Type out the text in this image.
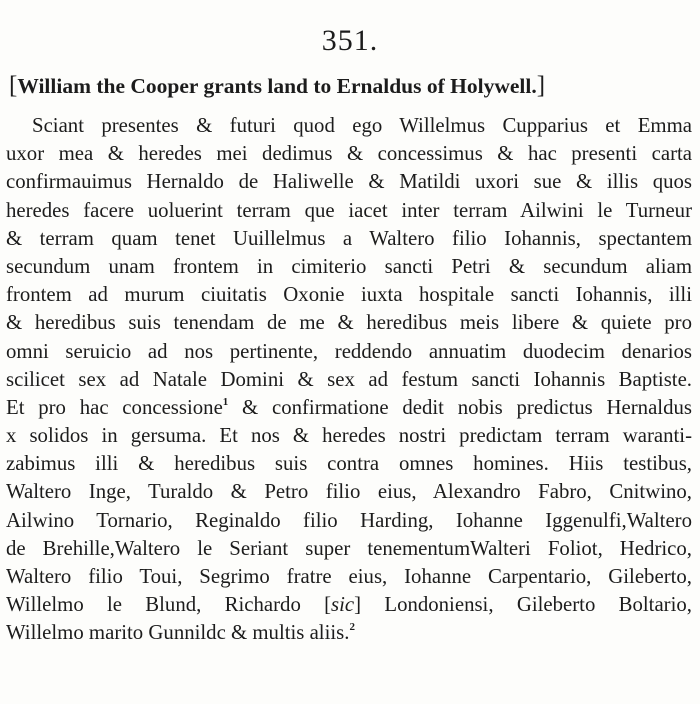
351.
[William the Cooper grants land to Ernaldus of Holywell.]
Sciant presentes & futuri quod ego Willelmus Cupparius et Emma
uxor mea & heredes mei dedimus & concessimus & hac presenti carta
confirmauimus Hernaldo de Haliwelle & Matildi uxori sue & illis quos
heredes facere uoluerint terram que iacet inter terram Ailwini le Turneur
& terram quam tenet Uuillelmus a Waltero filio Iohannis, spectantem
secundum unam frontem in cimiterio sancti Petri & secundum aliam
frontem ad murum ciuitatis Oxonie iuxta hospitale sancti Iohannis, illi
& heredibus suis tenendam de me & heredibus meis libere & quiete pro
omni seruicio ad nos pertinente, reddendo annuatim duodecim denarios
scilicet sex ad Natale Domini & sex ad festum sancti Iohannis Baptiste.
Et pro hac concessione$^1$ & confirmatione dedit nobis predictus Hernaldus
x solidos in gersuma. Et nos & heredes nostri predictam terram waranti-
zabimus illi & heredibus suis contra omnes homines. Hiis testibus,
Waltero Inge, Turaldo & Petro filio eius, Alexandro Fabro, Cnitwino,
Ailwino Tornario, Reginaldo filio Harding, Iohanne Iggenulfi,Waltero
de Brehille,Waltero le Seriant super tenementumWalteri Foliot, Hedrico,
Waltero filio Toui, Segrimo fratre eius, Iohanne Carpentario, Gileberto,
Willelmo le Blund, Richardo [sic] Londoniensi, Gileberto Boltario,
Willelmo marito Gunnildc & multis aliis.$^2$
